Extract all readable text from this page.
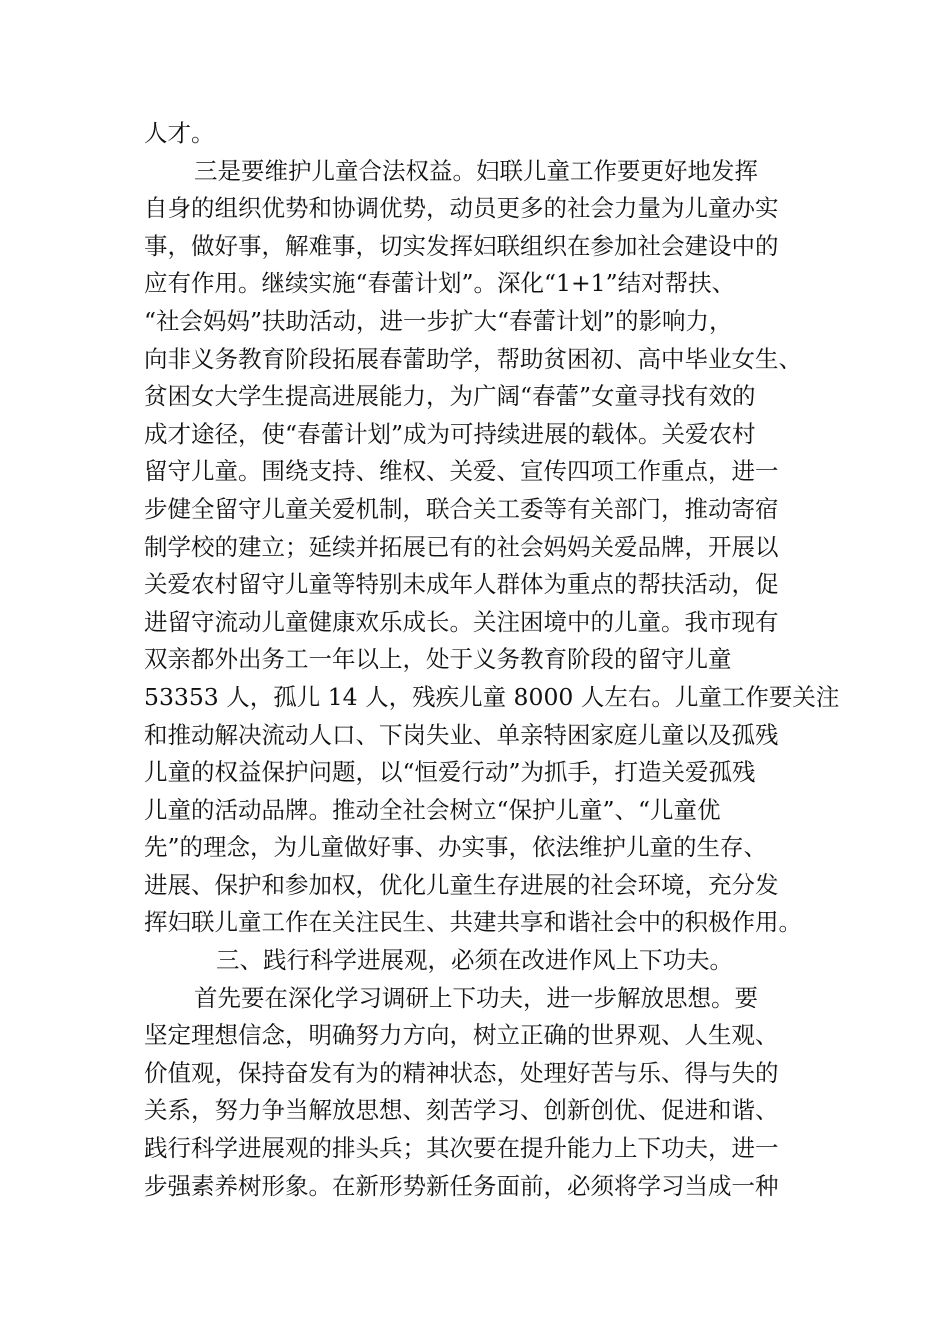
人才。
三是要维护儿童合法权益。妇联儿童工作要更好地发挥
自身的组织优势和协调优势，动员更多的社会力量为儿童办实
事，做好事，解难事，切实发挥妇联组织在参加社会建设中的
应有作用。继续实施“春蕾计划”。深化“1+1”结对帮扶、
“社会妈妈”扶助活动，进一步扩大“春蕾计划”的影响力，
向非义务教育阶段拓展春蕾助学，帮助贫困初、高中毕业女生、
贫困女大学生提高进展能力，为广阔“春蕾”女童寻找有效的
成才途径，使“春蕾计划”成为可持续进展的载体。关爱农村
留守儿童。围绕支持、维权、关爱、宣传四项工作重点，进一
步健全留守儿童关爱机制，联合关工委等有关部门，推动寄宿
制学校的建立；延续并拓展已有的社会妈妈关爱品牌，开展以
关爱农村留守儿童等特别未成年人群体为重点的帮扶活动，促
进留守流动儿童健康欢乐成长。关注困境中的儿童。我市现有
双亲都外出务工一年以上，处于义务教育阶段的留守儿童
53353 人，孤儿 14 人，残疾儿童 8000 人左右。儿童工作要关注
和推动解决流动人口、下岗失业、单亲特困家庭儿童以及孤残
儿童的权益保护问题，以“恒爱行动”为抓手，打造关爱孤残
儿童的活动品牌。推动全社会树立“保护儿童”、“儿童优
先”的理念，为儿童做好事、办实事，依法维护儿童的生存、
进展、保护和参加权，优化儿童生存进展的社会环境，充分发
挥妇联儿童工作在关注民生、共建共享和谐社会中的积极作用。
三、践行科学进展观，必须在改进作风上下功夫。
首先要在深化学习调研上下功夫，进一步解放思想。要
坚定理想信念，明确努力方向，树立正确的世界观、人生观、
价值观，保持奋发有为的精神状态，处理好苦与乐、得与失的
关系，努力争当解放思想、刻苦学习、创新创优、促进和谐、
践行科学进展观的排头兵；其次要在提升能力上下功夫，进一
步强素养树形象。在新形势新任务面前，必须将学习当成一种
